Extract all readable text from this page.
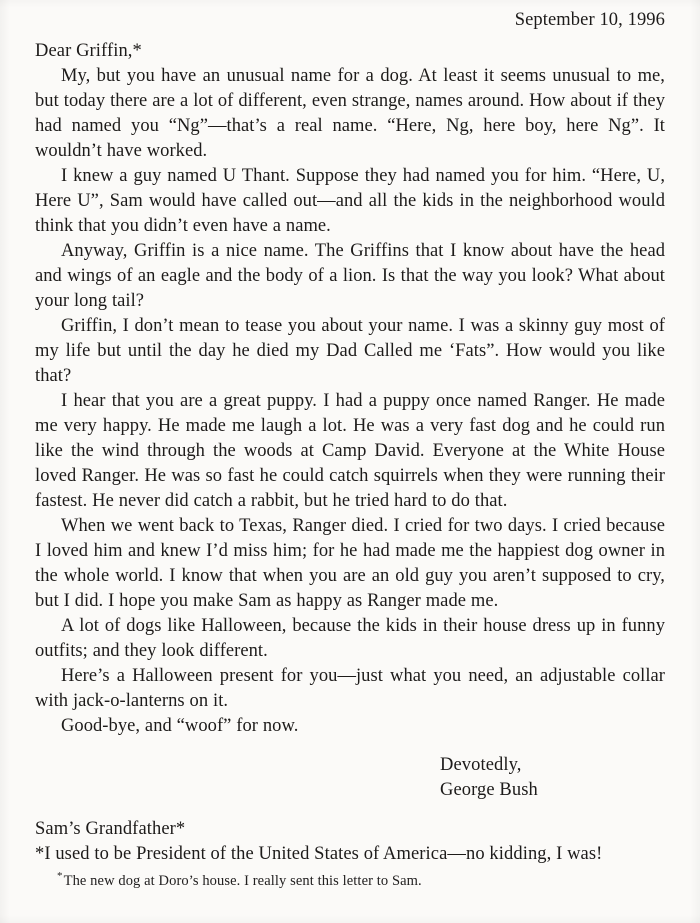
September 10, 1996
Dear Griffin,*

My, but you have an unusual name for a dog. At least it seems unusual to me, but today there are a lot of different, even strange, names around. How about if they had named you “Ng”—that’s a real name. “Here, Ng, here boy, here Ng”. It wouldn’t have worked.

I knew a guy named U Thant. Suppose they had named you for him. “Here, U, Here U”, Sam would have called out—and all the kids in the neighborhood would think that you didn’t even have a name.

Anyway, Griffin is a nice name. The Griffins that I know about have the head and wings of an eagle and the body of a lion. Is that the way you look? What about your long tail?

Griffin, I don’t mean to tease you about your name. I was a skinny guy most of my life but until the day he died my Dad Called me ‘Fats”. How would you like that?

I hear that you are a great puppy. I had a puppy once named Ranger. He made me very happy. He made me laugh a lot. He was a very fast dog and he could run like the wind through the woods at Camp David. Everyone at the White House loved Ranger. He was so fast he could catch squirrels when they were running their fastest. He never did catch a rabbit, but he tried hard to do that.

When we went back to Texas, Ranger died. I cried for two days. I cried because I loved him and knew I’d miss him; for he had made me the happiest dog owner in the whole world. I know that when you are an old guy you aren’t supposed to cry, but I did. I hope you make Sam as happy as Ranger made me.

A lot of dogs like Halloween, because the kids in their house dress up in funny outfits; and they look different.

Here’s a Halloween present for you—just what you need, an adjustable collar with jack-o-lanterns on it.

Good-bye, and “woof” for now.

Devotedly,
George Bush
Sam’s Grandfather*
*I used to be President of the United States of America—no kidding, I was!
*The new dog at Doro’s house. I really sent this letter to Sam.
